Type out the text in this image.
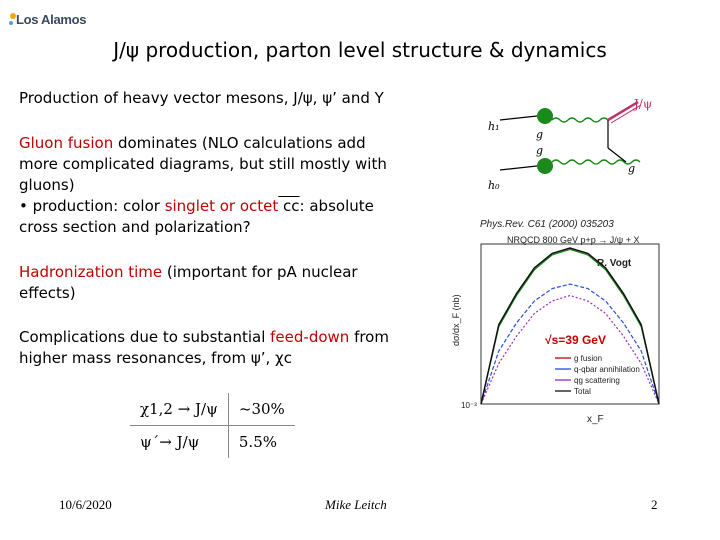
Los Alamos
J/ψ production, parton level structure & dynamics
Production of heavy vector mesons, J/ψ, ψ’ and Υ
Gluon fusion dominates (NLO calculations add
more complicated diagrams, but still mostly with
gluons)
• production: color singlet or octet cc: absolute
cross section and polarization?
Hadronization time (important for pA nuclear
effects)
Complications due to substantial feed-down from
higher mass resonances, from ψ’, χc
χ1,2 → J/ψ	~30%
ψ´→ J/ψ	5.5%
h₁
h₀
g
g
g
J/ψ
Phys.Rev. C61 (2000) 035203
NRQCD 800 GeV p+p → J/ψ + X
R. Vogt
√s=39 GeV
dσ/dx_F (nb)
x_F
10⁻³
g fusion
q-qbar annihilation
qg scattering
Total
10/6/2020	Mike Leitch	2
